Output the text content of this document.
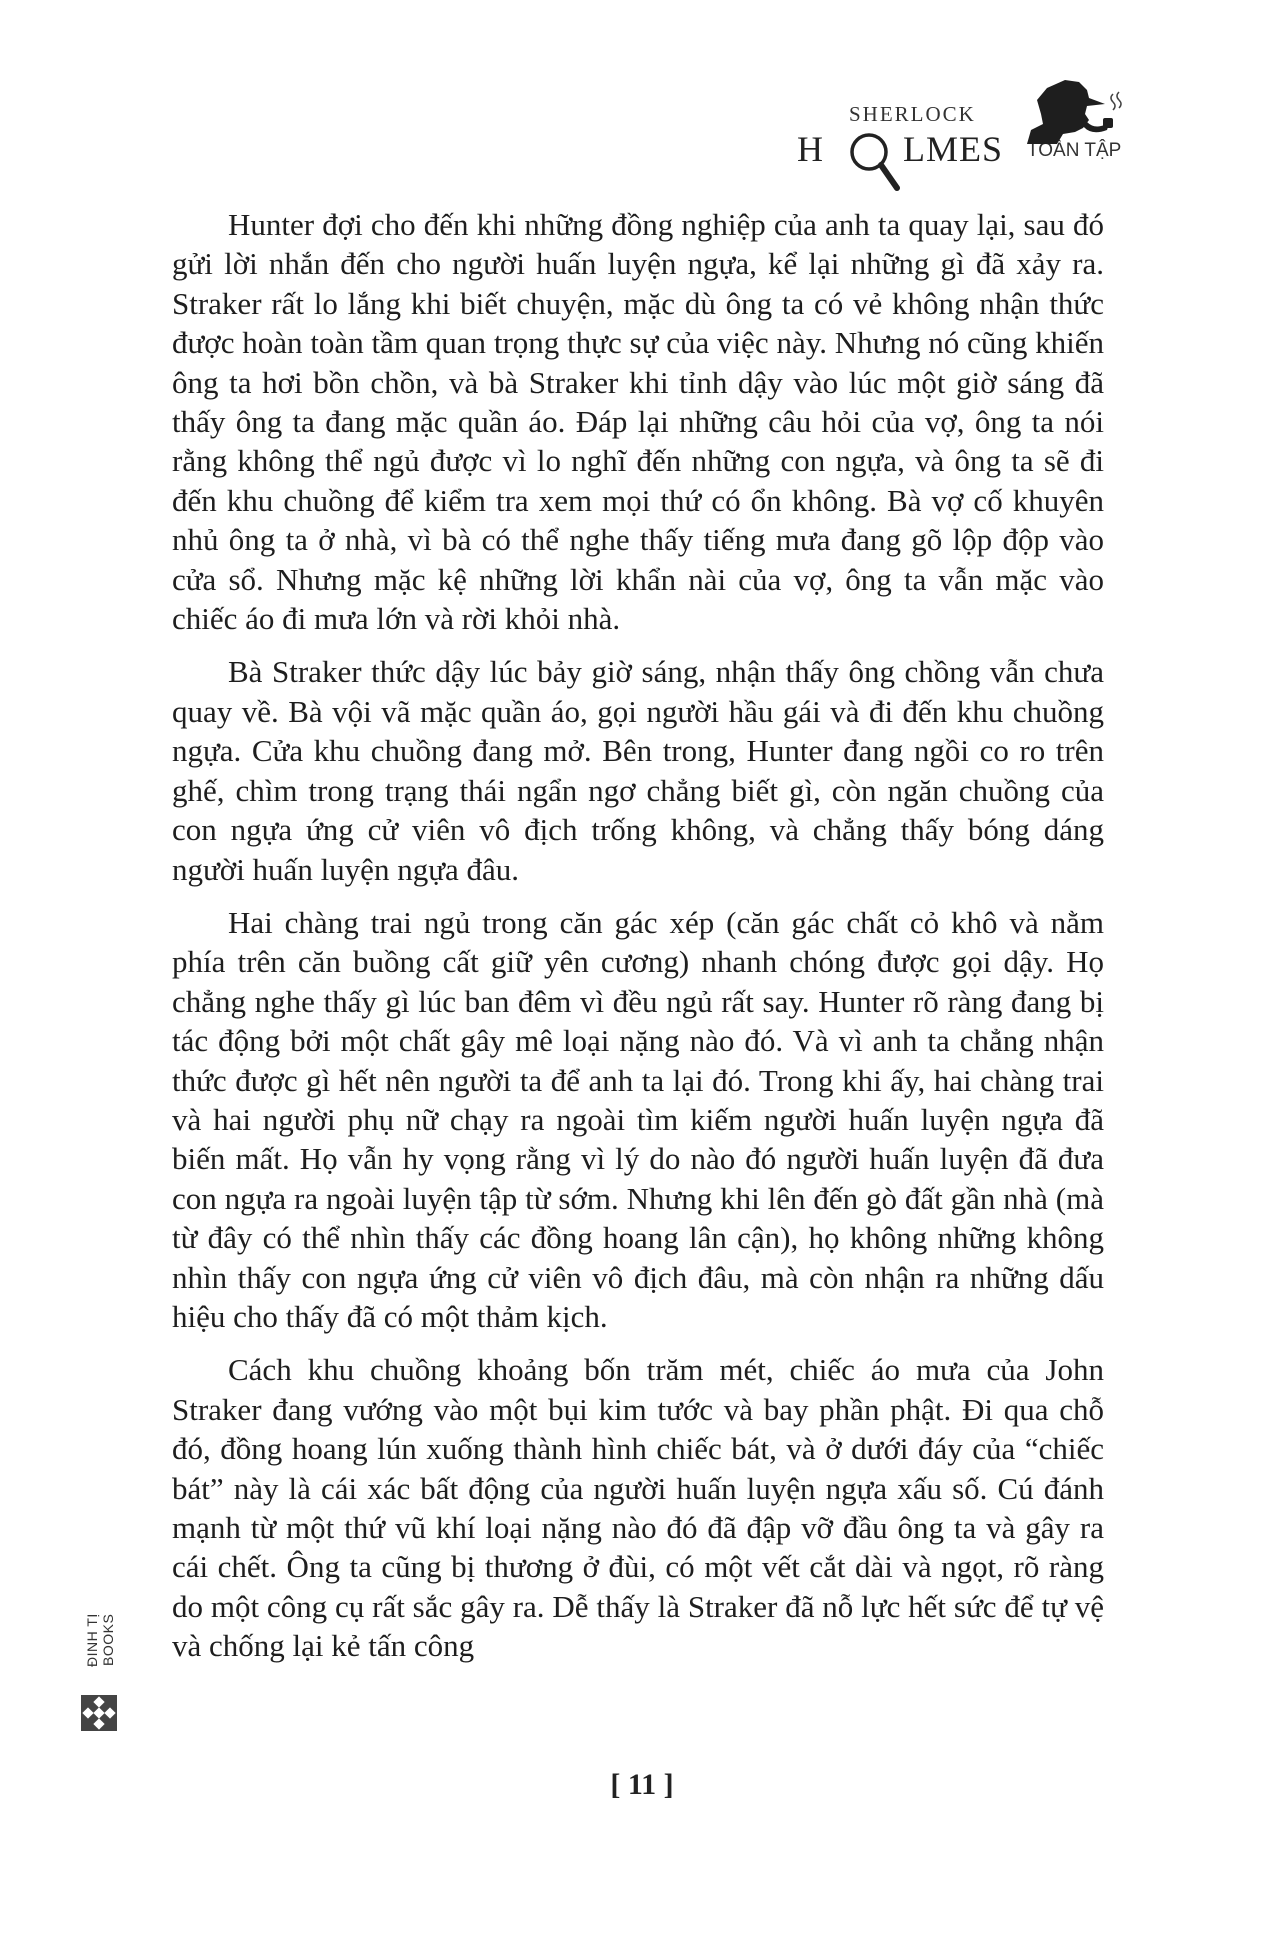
SHERLOCK
H LMES TOÀN TẬP

Hunter đợi cho đến khi những đồng nghiệp của anh ta quay lại, sau đó gửi lời nhắn đến cho người huấn luyện ngựa, kể lại những gì đã xảy ra. Straker rất lo lắng khi biết chuyện, mặc dù ông ta có vẻ không nhận thức được hoàn toàn tầm quan trọng thực sự của việc này. Nhưng nó cũng khiến ông ta hơi bồn chồn, và bà Straker khi tỉnh dậy vào lúc một giờ sáng đã thấy ông ta đang mặc quần áo. Đáp lại những câu hỏi của vợ, ông ta nói rằng không thể ngủ được vì lo nghĩ đến những con ngựa, và ông ta sẽ đi đến khu chuồng để kiểm tra xem mọi thứ có ổn không. Bà vợ cố khuyên nhủ ông ta ở nhà, vì bà có thể nghe thấy tiếng mưa đang gõ lộp độp vào cửa sổ. Nhưng mặc kệ những lời khẩn nài của vợ, ông ta vẫn mặc vào chiếc áo đi mưa lớn và rời khỏi nhà.

Bà Straker thức dậy lúc bảy giờ sáng, nhận thấy ông chồng vẫn chưa quay về. Bà vội vã mặc quần áo, gọi người hầu gái và đi đến khu chuồng ngựa. Cửa khu chuồng đang mở. Bên trong, Hunter đang ngồi co ro trên ghế, chìm trong trạng thái ngẩn ngơ chẳng biết gì, còn ngăn chuồng của con ngựa ứng cử viên vô địch trống không, và chẳng thấy bóng dáng người huấn luyện ngựa đâu.

Hai chàng trai ngủ trong căn gác xép (căn gác chất cỏ khô và nằm phía trên căn buồng cất giữ yên cương) nhanh chóng được gọi dậy. Họ chẳng nghe thấy gì lúc ban đêm vì đều ngủ rất say. Hunter rõ ràng đang bị tác động bởi một chất gây mê loại nặng nào đó. Và vì anh ta chẳng nhận thức được gì hết nên người ta để anh ta lại đó. Trong khi ấy, hai chàng trai và hai người phụ nữ chạy ra ngoài tìm kiếm người huấn luyện ngựa đã biến mất. Họ vẫn hy vọng rằng vì lý do nào đó người huấn luyện đã đưa con ngựa ra ngoài luyện tập từ sớm. Nhưng khi lên đến gò đất gần nhà (mà từ đây có thể nhìn thấy các đồng hoang lân cận), họ không những không nhìn thấy con ngựa ứng cử viên vô địch đâu, mà còn nhận ra những dấu hiệu cho thấy đã có một thảm kịch.

Cách khu chuồng khoảng bốn trăm mét, chiếc áo mưa của John Straker đang vướng vào một bụi kim tước và bay phần phật. Đi qua chỗ đó, đồng hoang lún xuống thành hình chiếc bát, và ở dưới đáy của “chiếc bát” này là cái xác bất động của người huấn luyện ngựa xấu số. Cú đánh mạnh từ một thứ vũ khí loại nặng nào đó đã đập vỡ đầu ông ta và gây ra cái chết. Ông ta cũng bị thương ở đùi, có một vết cắt dài và ngọt, rõ ràng do một công cụ rất sắc gây ra. Dễ thấy là Straker đã nỗ lực hết sức để tự vệ và chống lại kẻ tấn công

ĐINH TỊ BOOKS
[ 11 ]
